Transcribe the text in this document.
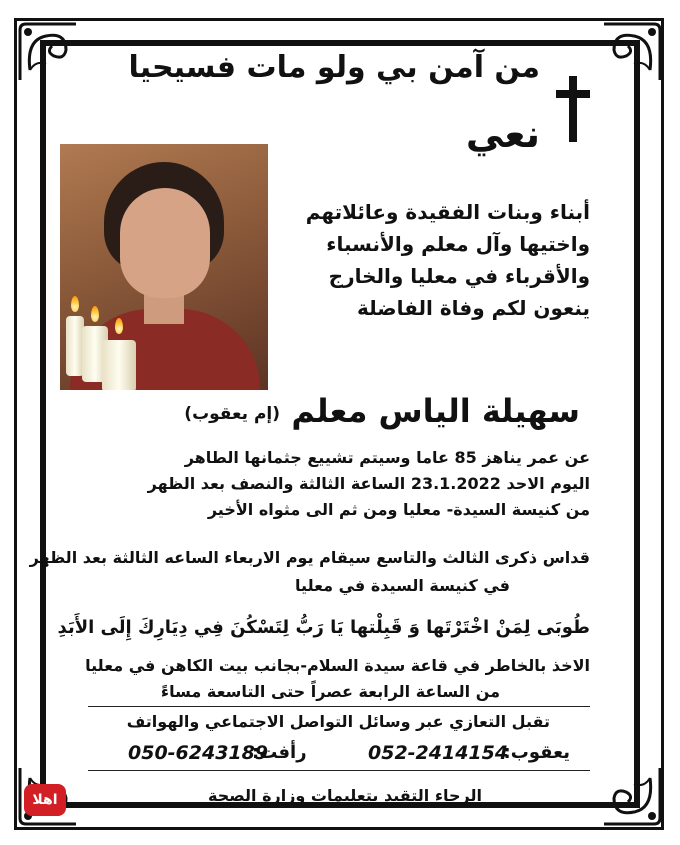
من آمن بي ولو مات فسيحيا
نعي
أبناء وبنات الفقيدة وعائلاتهم
واختيها وآل معلم والأنسباء
والأقرباء في معليا والخارج
ينعون لكم وفاة الفاضلة
سهيلة الياس معلم
(إم يعقوب)
عن عمر يناهز 85 عاما وسيتم تشييع جثمانها الطاهر
اليوم الاحد 23.1.2022 الساعة الثالثة والنصف بعد الظهر
من كنيسة السيدة- معليا ومن ثم الى مثواه الأخير
قداس ذكرى الثالث والتاسع سيقام يوم الاربعاء الساعه الثالثة بعد الظهر
في كنيسة السيدة في معليا
طُوبَى لِمَنْ اخْتَرْتَها وَ قَبِلْتها يَا رَبُّ لِتَسْكُنَ فِي دِيَارِكَ إِلَى الأَبَدِ
الاخذ بالخاطر في قاعة سيدة السلام-بجانب بيت الكاهن في معليا
من الساعة الرابعة عصراً حتى التاسعة مساءً
تقبل التعازي عبر وسائل التواصل الاجتماعي والهواتف
يعقوب:
052-2414154
رأفت:
050-6243189
الرجاء التقيد بتعليمات وزارة الصحة
اهلا
